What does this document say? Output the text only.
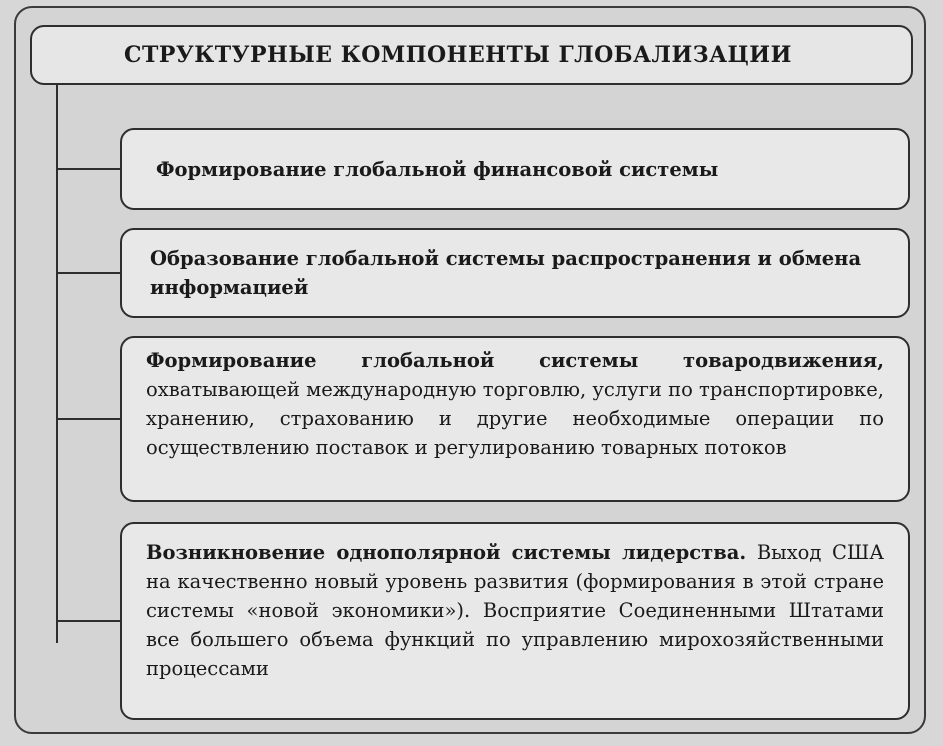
СТРУКТУРНЫЕ КОМПОНЕНТЫ ГЛОБАЛИЗАЦИИ
Формирование глобальной финансовой системы
Образование глобальной системы распространения и обмена информацией
Формирование глобальной системы товародвижения, охватывающей международную торговлю, услуги по транспортировке, хранению, страхованию и другие необходимые операции по осуществлению поставок и регулированию товарных потоков
Возникновение однополярной системы лидерства. Выход США на качественно новый уровень развития (формирования в этой стране системы «новой экономики»). Восприятие Соединенными Штатами все большего объема функций по управлению мирохозяйственными процессами
